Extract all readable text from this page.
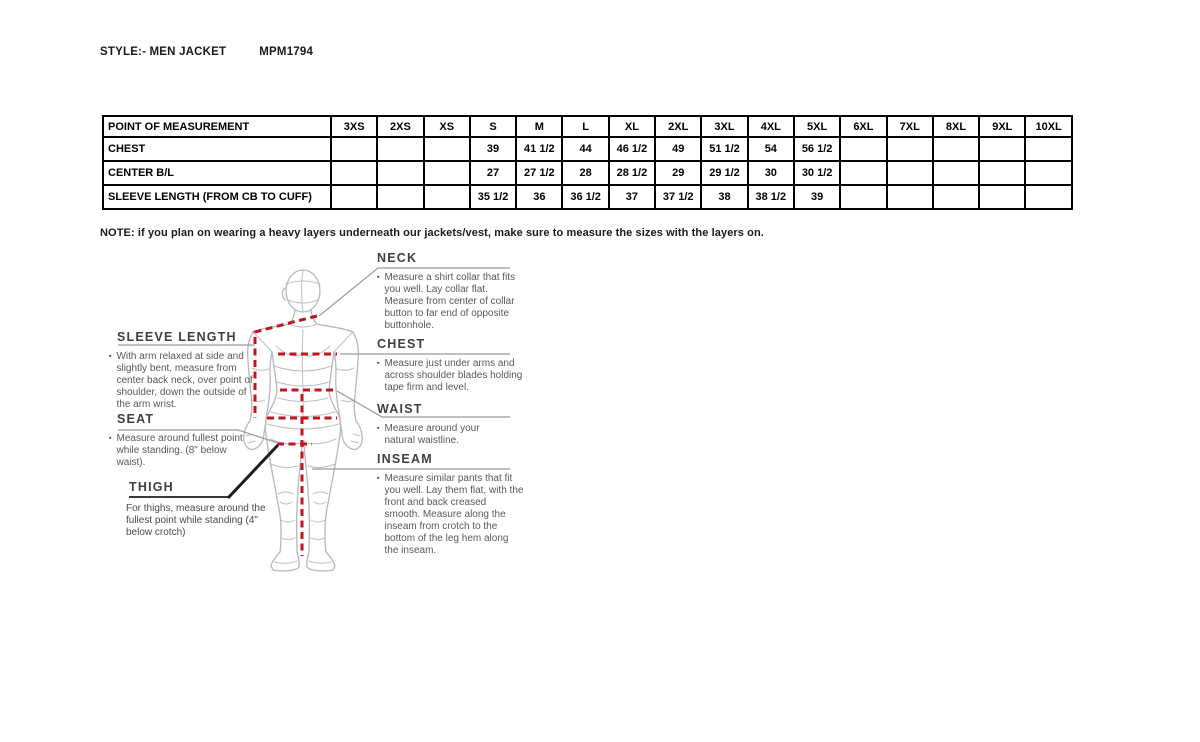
STYLE:- MEN JACKET	MPM1794
POINT OF MEASUREMENT	3XS	2XS	XS	S	M	L	XL	2XL	3XL	4XL	5XL	6XL	7XL	8XL	9XL	10XL
CHEST				39	41 1/2	44	46 1/2	49	51 1/2	54	56 1/2					
CENTER B/L				27	27 1/2	28	28 1/2	29	29 1/2	30	30 1/2					
SLEEVE LENGTH (FROM CB TO CUFF)				35 1/2	36	36 1/2	37	37 1/2	38	38 1/2	39					
NOTE: if you plan on wearing a heavy layers underneath our jackets/vest, make sure to measure the sizes with the layers on.
SLEEVE LENGTH
▪ With arm relaxed at side and slightly bent, measure from center back neck, over point of shoulder, down the outside of the arm wrist.
SEAT
▪ Measure around fullest point while standing. (8" below waist).
THIGH
For thighs, measure around the fullest point while standing (4" below crotch)
NECK
▪ Measure a shirt collar that fits you well. Lay collar flat. Measure from center of collar button to far end of opposite buttonhole.
CHEST
▪ Measure just under arms and across shoulder blades holding tape firm and level.
WAIST
▪ Measure around your natural waistline.
INSEAM
▪ Measure similar pants that fit you well. Lay them flat, with the front and back creased smooth. Measure along the inseam from crotch to the bottom of the leg hem along the inseam.
